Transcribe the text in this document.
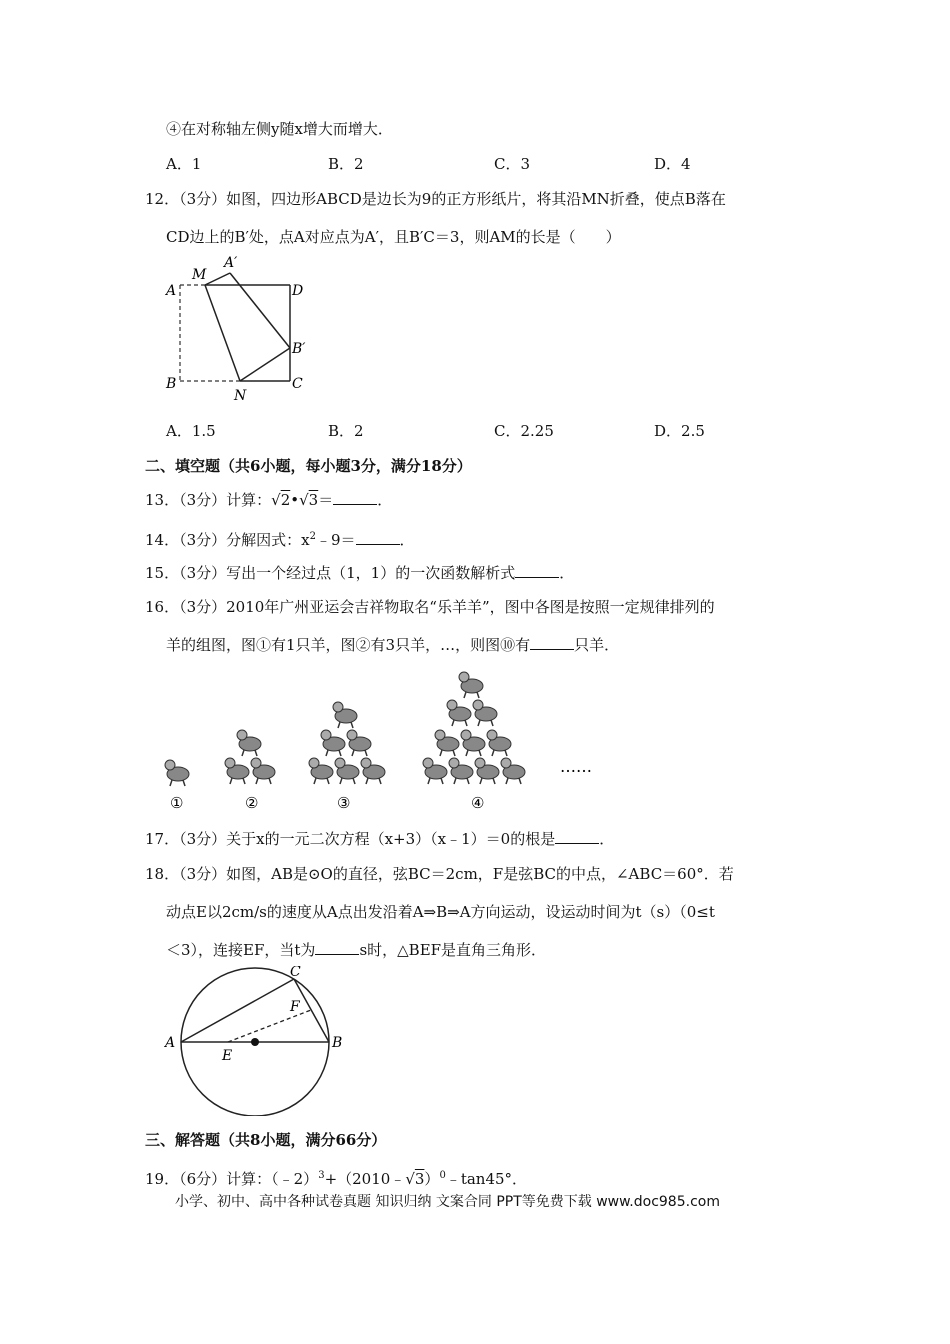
④在对称轴左侧y随x增大而增大．
A．1	B．2	C．3	D．4
12．（3分）如图，四边形ABCD是边长为9的正方形纸片，将其沿MN折叠，使点B落在
CD边上的B′处，点A对应点为A′，且B′C＝3，则AM的长是（　　）
M
A′
A	D
B′
B
N
C
A．1.5	B．2	C．2.25	D．2.5
二、填空题（共6小题，每小题3分，满分18分）
13．（3分）计算：√2•√3＝	．
14．（3分）分解因式：$x^2﹣9=$	．
15．（3分）写出一个经过点（1，1）的一次函数解析式	．
16．（3分）2010年广州亚运会吉祥物取名“乐羊羊”，图中各图是按照一定规律排列的
羊的组图，图①有1只羊，图②有3只羊，…，则图⑩有	只羊．
……
①	②	③	④
17．（3分）关于x的一元二次方程（x+3）（x﹣1）＝0的根是	．
18．（3分）如图，AB是⊙O的直径，弦BC＝2cm，F是弦BC的中点，∠ABC＝60°．若
动点E以2cm/s的速度从A点出发沿着A⇒B⇒A方向运动，设运动时间为t（s）（0≤t
＜3），连接EF，当t为	s时，△BEF是直角三角形．
C
F
A
E
B
三、解答题（共8小题，满分66分）
19．（6分）计算：（﹣2）$^3$+（2010﹣√3）$^0$﹣tan45°．
小学、初中、高中各种试卷真题 知识归纳 文案合同 PPT等免费下载 www.doc985.com
